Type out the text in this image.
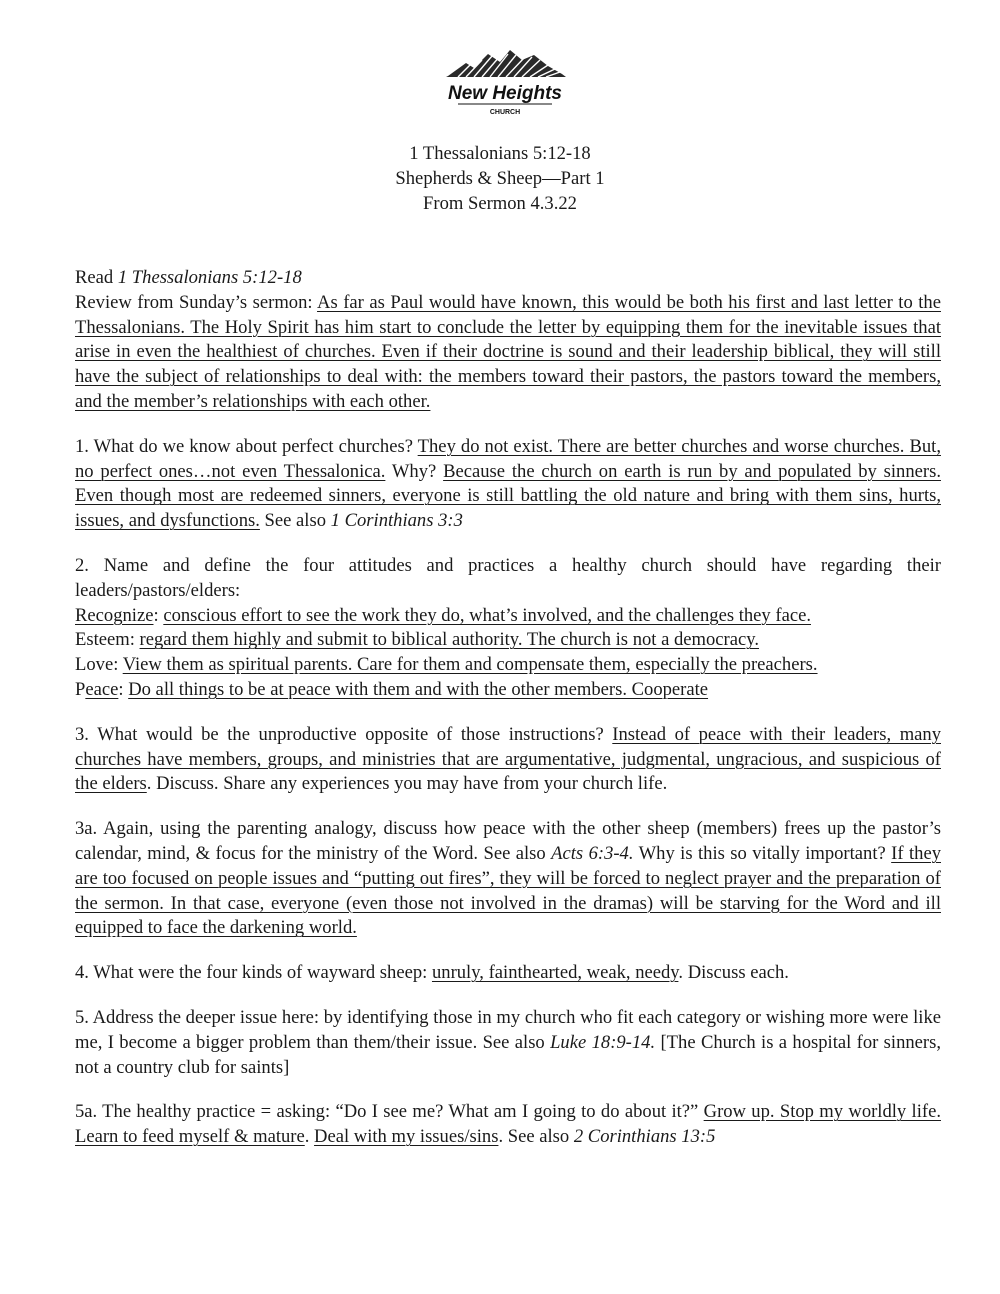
New Heights
CHURCH
1 Thessalonians 5:12-18
Shepherds & Sheep—Part 1
From Sermon 4.3.22

Read 1 Thessalonians 5:12-18

Review from Sunday’s sermon: As far as Paul would have known, this would be both his first and last letter to the Thessalonians. The Holy Spirit has him start to conclude the letter by equipping them for the inevitable issues that arise in even the healthiest of churches. Even if their doctrine is sound and their leadership biblical, they will still have the subject of relationships to deal with: the members toward their pastors, the pastors toward the members, and the member’s relationships with each other.

1. What do we know about perfect churches? They do not exist. There are better churches and worse churches. But, no perfect ones…not even Thessalonica. Why? Because the church on earth is run by and populated by sinners. Even though most are redeemed sinners, everyone is still battling the old nature and bring with them sins, hurts, issues, and dysfunctions. See also 1 Corinthians 3:3

2. Name and define the four attitudes and practices a healthy church should have regarding their leaders/pastors/elders:

Recognize: conscious effort to see the work they do, what’s involved, and the challenges they face.

Esteem: regard them highly and submit to biblical authority. The church is not a democracy.

Love: View them as spiritual parents. Care for them and compensate them, especially the preachers.

Peace: Do all things to be at peace with them and with the other members. Cooperate

3. What would be the unproductive opposite of those instructions? Instead of peace with their leaders, many churches have members, groups, and ministries that are argumentative, judgmental, ungracious, and suspicious of the elders. Discuss. Share any experiences you may have from your church life.

3a. Again, using the parenting analogy, discuss how peace with the other sheep (members) frees up the pastor’s calendar, mind, & focus for the ministry of the Word. See also Acts 6:3-4. Why is this so vitally important? If they are too focused on people issues and “putting out fires”, they will be forced to neglect prayer and the preparation of the sermon. In that case, everyone (even those not involved in the dramas) will be starving for the Word and ill equipped to face the darkening world.

4. What were the four kinds of wayward sheep: unruly, fainthearted, weak, needy. Discuss each.

5. Address the deeper issue here: by identifying those in my church who fit each category or wishing more were like me, I become a bigger problem than them/their issue. See also Luke 18:9-14. [The Church is a hospital for sinners, not a country club for saints]

5a. The healthy practice = asking: “Do I see me? What am I going to do about it?” Grow up. Stop my worldly life. Learn to feed myself & mature. Deal with my issues/sins. See also 2 Corinthians 13:5
